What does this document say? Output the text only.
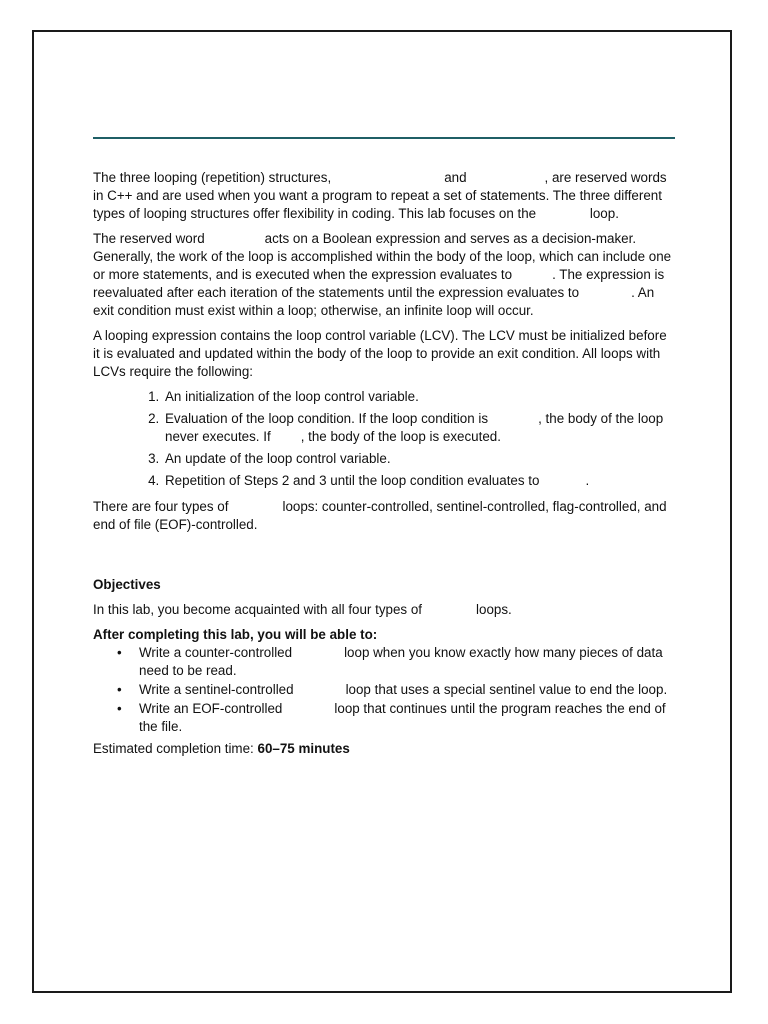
The three looping (repetition) structures,	and	, are reserved words in C++ and are used when you want a program to repeat a set of statements. The three different types of looping structures offer flexibility in coding. This lab focuses on the	loop.

The reserved word	acts on a Boolean expression and serves as a decision-maker. Generally, the work of the loop is accomplished within the body of the loop, which can include one or more statements, and is executed when the expression evaluates to	. The expression is reevaluated after each iteration of the statements until the expression evaluates to	. An exit condition must exist within a loop; otherwise, an infinite loop will occur.

A looping expression contains the loop control variable (LCV). The LCV must be initialized before it is evaluated and updated within the body of the loop to provide an exit condition. All loops with LCVs require the following:

1. An initialization of the loop control variable.
2. Evaluation of the loop condition. If the loop condition is	, the body of the loop never executes. If , the body of the loop is executed.
3. An update of the loop control variable.
4. Repetition of Steps 2 and 3 until the loop condition evaluates to	.

There are four types of	loops: counter-controlled, sentinel-controlled, flag-controlled, and end of file (EOF)-controlled.

Objectives

In this lab, you become acquainted with all four types of	loops.

After completing this lab, you will be able to:

• Write a counter-controlled	loop when you know exactly how many pieces of data need to be read.
• Write a sentinel-controlled	loop that uses a special sentinel value to end the loop.
• Write an EOF-controlled	loop that continues until the program reaches the end of the file.

Estimated completion time: 60–75 minutes
